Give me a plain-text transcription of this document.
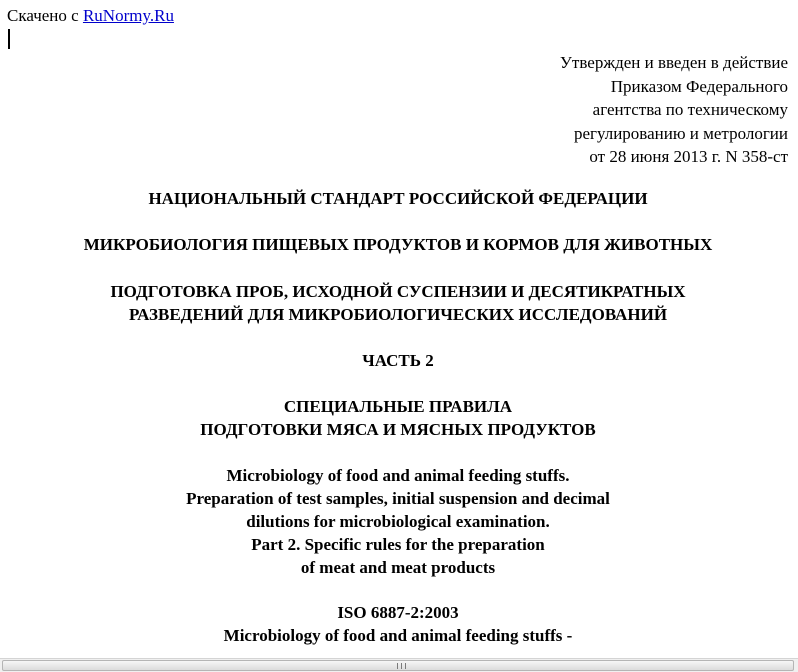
Скачено с RuNormy.Ru
Утвержден и введен в действие
Приказом Федерального
агентства по техническому
регулированию и метрологии
от 28 июня 2013 г. N 358-ст
НАЦИОНАЛЬНЫЙ СТАНДАРТ РОССИЙСКОЙ ФЕДЕРАЦИИ
МИКРОБИОЛОГИЯ ПИЩЕВЫХ ПРОДУКТОВ И КОРМОВ ДЛЯ ЖИВОТНЫХ
ПОДГОТОВКА ПРОБ, ИСХОДНОЙ СУСПЕНЗИИ И ДЕСЯТИКРАТНЫХ
РАЗВЕДЕНИЙ ДЛЯ МИКРОБИОЛОГИЧЕСКИХ ИССЛЕДОВАНИЙ
ЧАСТЬ 2
СПЕЦИАЛЬНЫЕ ПРАВИЛА
ПОДГОТОВКИ МЯСА И МЯСНЫХ ПРОДУКТОВ
Microbiology of food and animal feeding stuffs.
Preparation of test samples, initial suspension and decimal
dilutions for microbiological examination.
Part 2. Specific rules for the preparation
of meat and meat products
ISO 6887-2:2003
Microbiology of food and animal feeding stuffs -
